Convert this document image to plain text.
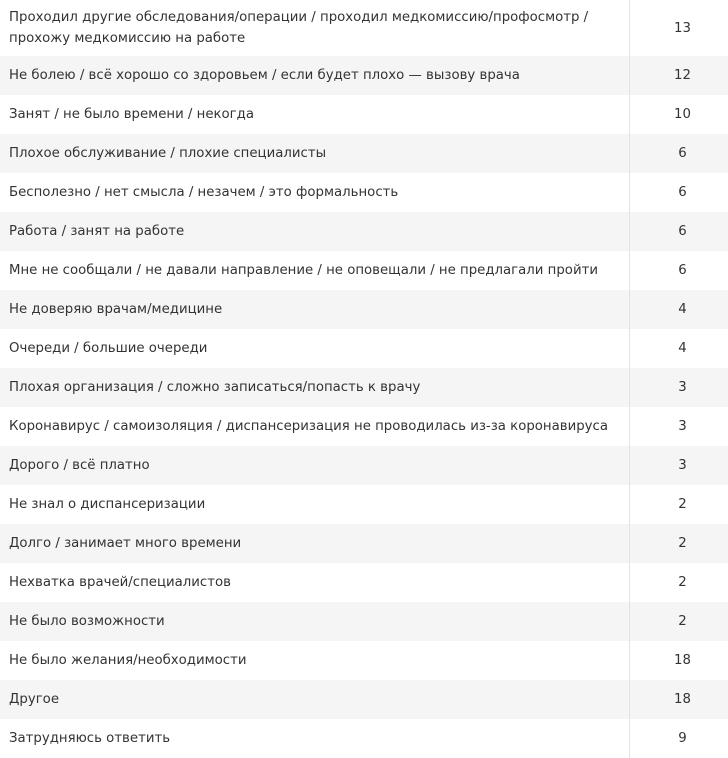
Проходил другие обследования/операции / проходил медкомиссию/профосмотр / прохожу медкомиссию на работе	13
Не болею / всё хорошо со здоровьем / если будет плохо — вызову врача	12
Занят / не было времени / некогда	10
Плохое обслуживание / плохие специалисты	6
Бесполезно / нет смысла / незачем / это формальность	6
Работа / занят на работе	6
Мне не сообщали / не давали направление / не оповещали / не предлагали пройти	6
Не доверяю врачам/медицине	4
Очереди / большие очереди	4
Плохая организация / сложно записаться/попасть к врачу	3
Коронавирус / самоизоляция / диспансеризация не проводилась из-за коронавируса	3
Дорого / всё платно	3
Не знал о диспансеризации	2
Долго / занимает много времени	2
Нехватка врачей/специалистов	2
Не было возможности	2
Не было желания/необходимости	18
Другое	18
Затрудняюсь ответить	9
